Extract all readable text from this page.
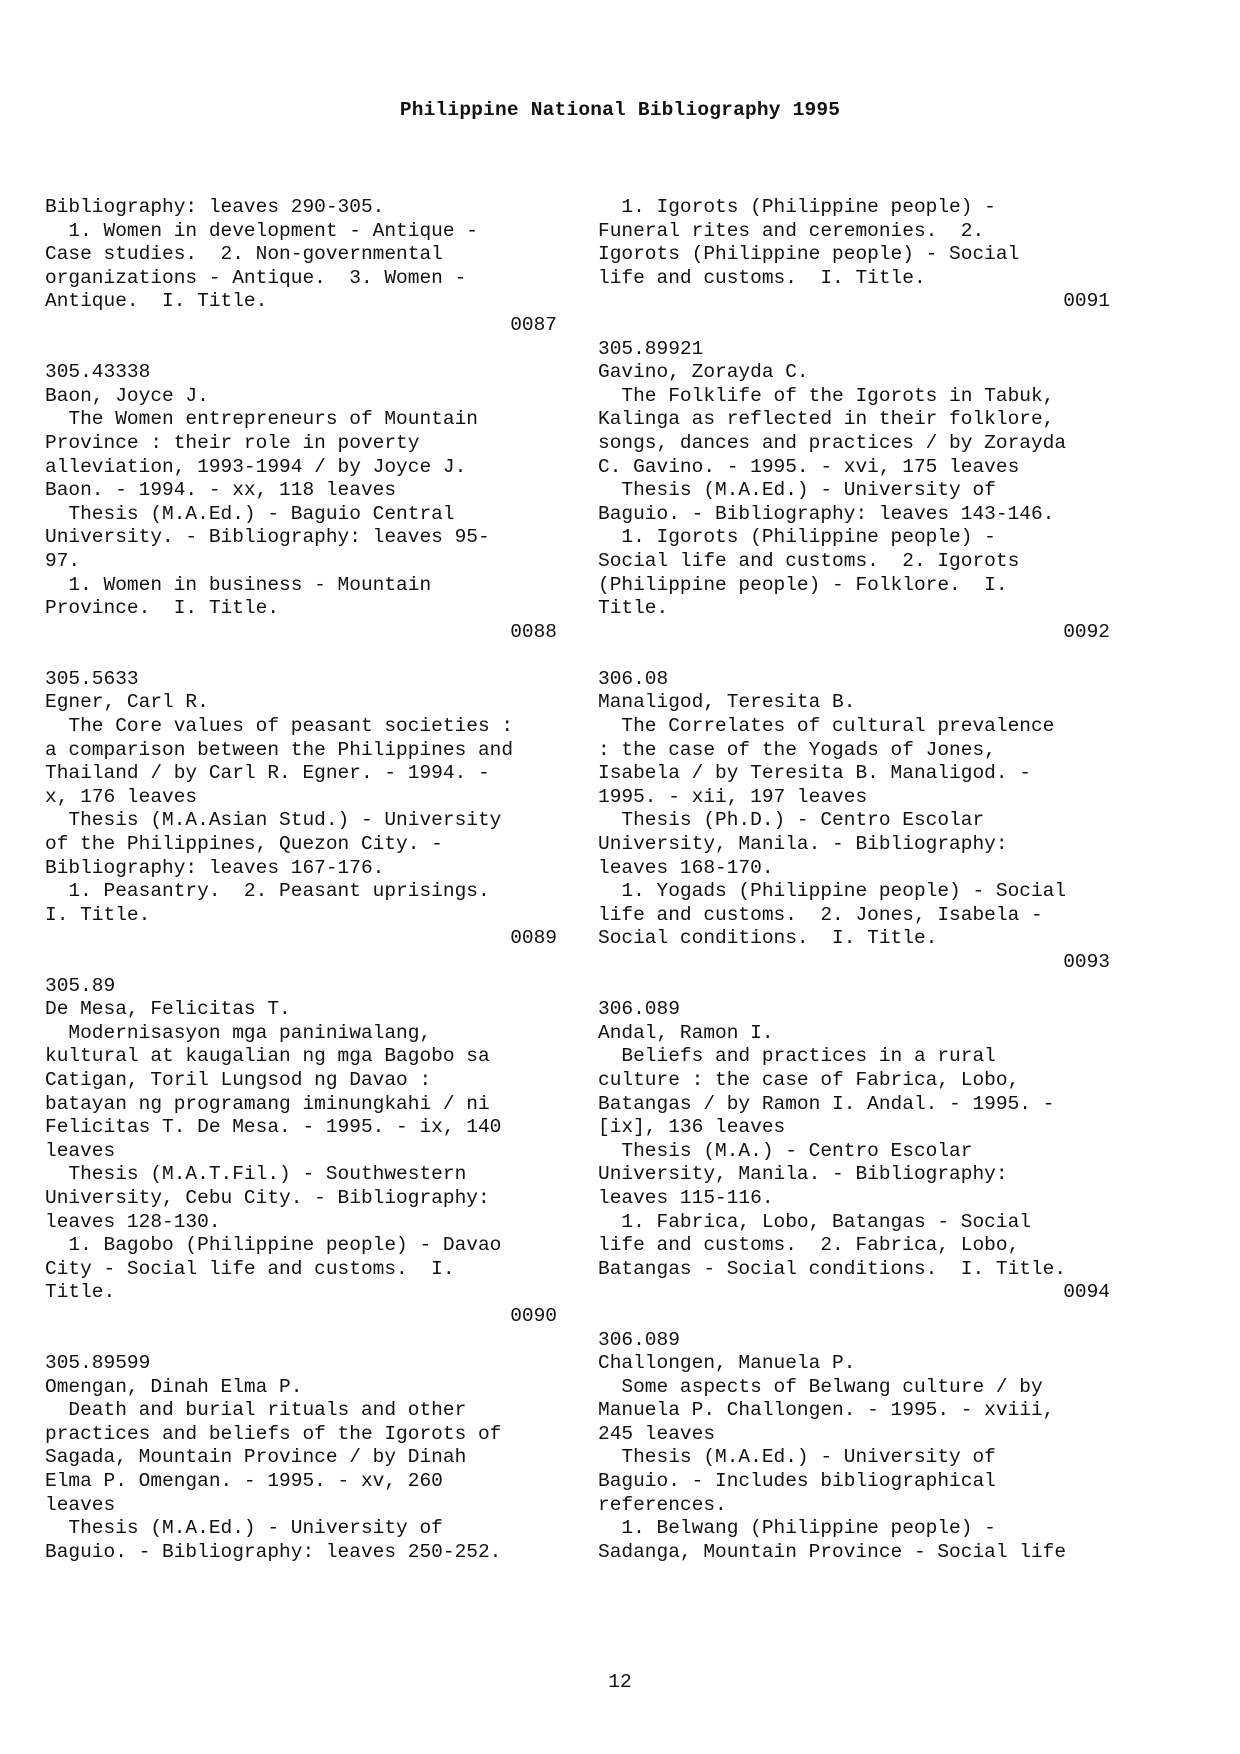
Philippine National Bibliography 1995
Bibliography: leaves 290-305.
1. Women in development - Antique -
Case studies.  2. Non-governmental
organizations - Antique.  3. Women -
Antique.  I. Title.
0087
305.43338
Baon, Joyce J.
The Women entrepreneurs of Mountain
Province : their role in poverty
alleviation, 1993-1994 / by Joyce J.
Baon. - 1994. - xx, 118 leaves
Thesis (M.A.Ed.) - Baguio Central
University. - Bibliography: leaves 95-
97.
1. Women in business - Mountain
Province.  I. Title.
0088
305.5633
Egner, Carl R.
The Core values of peasant societies :
a comparison between the Philippines and
Thailand / by Carl R. Egner. - 1994. -
x, 176 leaves
Thesis (M.A.Asian Stud.) - University
of the Philippines, Quezon City. -
Bibliography: leaves 167-176.
1. Peasantry.  2. Peasant uprisings.
I. Title.
0089
305.89
De Mesa, Felicitas T.
Modernisasyon mga paniniwalang,
kultural at kaugalian ng mga Bagobo sa
Catigan, Toril Lungsod ng Davao :
batayan ng programang iminungkahi / ni
Felicitas T. De Mesa. - 1995. - ix, 140
leaves
Thesis (M.A.T.Fil.) - Southwestern
University, Cebu City. - Bibliography:
leaves 128-130.
1. Bagobo (Philippine people) - Davao
City - Social life and customs.  I.
Title.
0090
305.89599
Omengan, Dinah Elma P.
Death and burial rituals and other
practices and beliefs of the Igorots of
Sagada, Mountain Province / by Dinah
Elma P. Omengan. - 1995. - xv, 260
leaves
Thesis (M.A.Ed.) - University of
Baguio. - Bibliography: leaves 250-252.
1. Igorots (Philippine people) -
Funeral rites and ceremonies.  2.
Igorots (Philippine people) - Social
life and customs.  I. Title.
0091
305.89921
Gavino, Zorayda C.
The Folklife of the Igorots in Tabuk,
Kalinga as reflected in their folklore,
songs, dances and practices / by Zorayda
C. Gavino. - 1995. - xvi, 175 leaves
Thesis (M.A.Ed.) - University of
Baguio. - Bibliography: leaves 143-146.
1. Igorots (Philippine people) -
Social life and customs.  2. Igorots
(Philippine people) - Folklore.  I.
Title.
0092
306.08
Manaligod, Teresita B.
The Correlates of cultural prevalence
: the case of the Yogads of Jones,
Isabela / by Teresita B. Manaligod. -
1995. - xii, 197 leaves
Thesis (Ph.D.) - Centro Escolar
University, Manila. - Bibliography:
leaves 168-170.
1. Yogads (Philippine people) - Social
life and customs.  2. Jones, Isabela -
Social conditions.  I. Title.
0093
306.089
Andal, Ramon I.
Beliefs and practices in a rural
culture : the case of Fabrica, Lobo,
Batangas / by Ramon I. Andal. - 1995. -
[ix], 136 leaves
Thesis (M.A.) - Centro Escolar
University, Manila. - Bibliography:
leaves 115-116.
1. Fabrica, Lobo, Batangas - Social
life and customs.  2. Fabrica, Lobo,
Batangas - Social conditions.  I. Title.
0094
306.089
Challongen, Manuela P.
Some aspects of Belwang culture / by
Manuela P. Challongen. - 1995. - xviii,
245 leaves
Thesis (M.A.Ed.) - University of
Baguio. - Includes bibliographical
references.
1. Belwang (Philippine people) -
Sadanga, Mountain Province - Social life
12
